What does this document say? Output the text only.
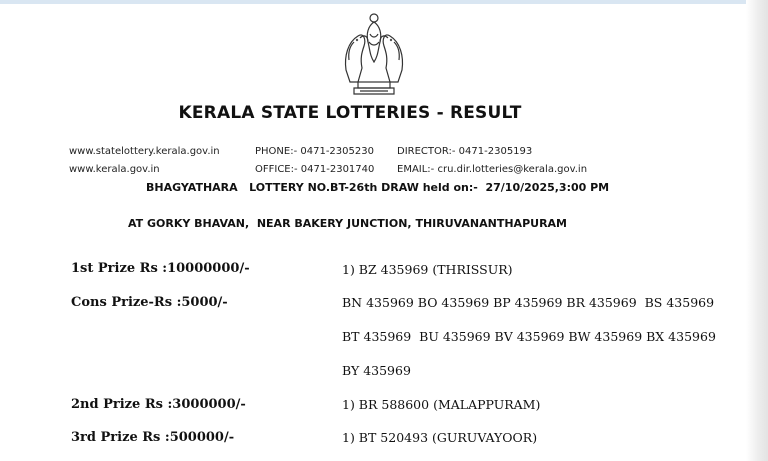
KERALA STATE LOTTERIES - RESULT
www.statelottery.kerala.gov.in
www.kerala.gov.in
PHONE:- 0471-2305230
OFFICE:- 0471-2301740
DIRECTOR:- 0471-2305193
EMAIL:- cru.dir.lotteries@kerala.gov.in
BHAGYATHARA   LOTTERY NO.BT-26th DRAW held on:-  27/10/2025,3:00 PM
AT GORKY BHAVAN,  NEAR BAKERY JUNCTION, THIRUVANANTHAPURAM
1st Prize Rs :10000000/-	1) BZ 435969 (THRISSUR)
Cons Prize-Rs :5000/-	BN 435969 BO 435969 BP 435969 BR 435969  BS 435969
BT 435969  BU 435969 BV 435969 BW 435969 BX 435969
BY 435969
2nd Prize Rs :3000000/-	1) BR 588600 (MALAPPURAM)
3rd Prize Rs :500000/-	1) BT 520493 (GURUVAYOOR)
